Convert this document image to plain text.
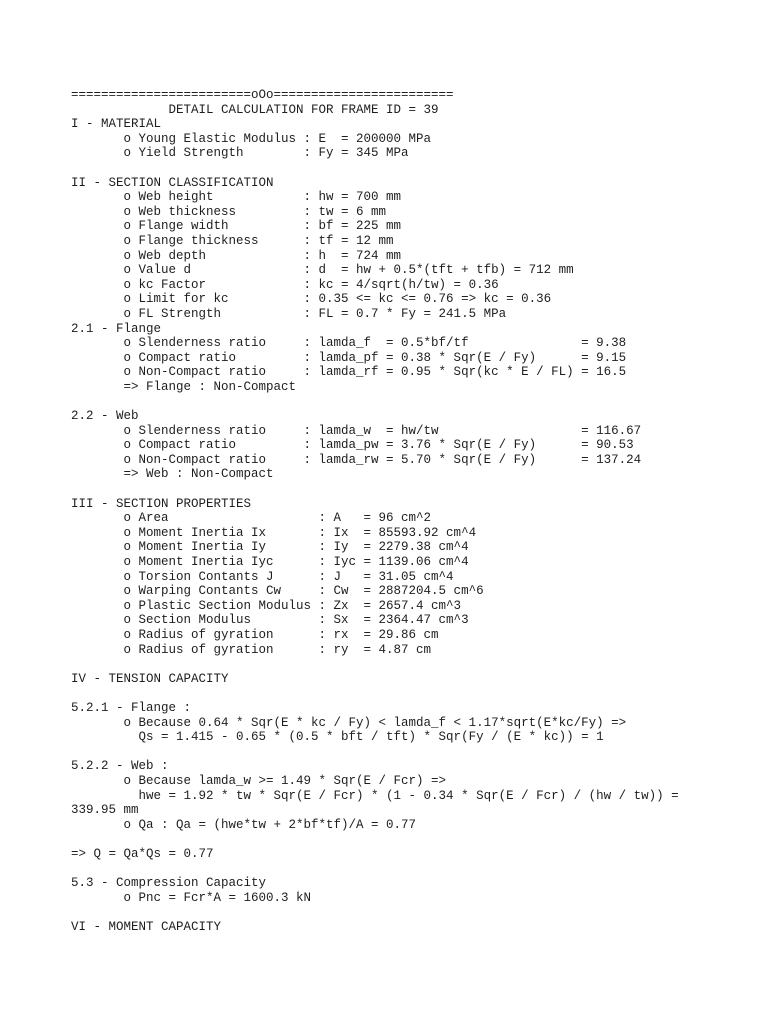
========================oOo========================
DETAIL CALCULATION FOR FRAME ID = 39
I - MATERIAL
o Young Elastic Modulus : E  = 200000 MPa
o Yield Strength        : Fy = 345 MPa
II - SECTION CLASSIFICATION
o Web height            : hw = 700 mm
o Web thickness         : tw = 6 mm
o Flange width          : bf = 225 mm
o Flange thickness      : tf = 12 mm
o Web depth             : h  = 724 mm
o Value d               : d  = hw + 0.5*(tft + tfb) = 712 mm
o kc Factor             : kc = 4/sqrt(h/tw) = 0.36
o Limit for kc          : 0.35 <= kc <= 0.76 => kc = 0.36
o FL Strength           : FL = 0.7 * Fy = 241.5 MPa
2.1 - Flange
o Slenderness ratio     : lamda_f  = 0.5*bf/tf               = 9.38
o Compact ratio         : lamda_pf = 0.38 * Sqr(E / Fy)      = 9.15
o Non-Compact ratio     : lamda_rf = 0.95 * Sqr(kc * E / FL) = 16.5
=> Flange : Non-Compact
2.2 - Web
o Slenderness ratio     : lamda_w  = hw/tw                   = 116.67
o Compact ratio         : lamda_pw = 3.76 * Sqr(E / Fy)      = 90.53
o Non-Compact ratio     : lamda_rw = 5.70 * Sqr(E / Fy)      = 137.24
=> Web : Non-Compact
III - SECTION PROPERTIES
o Area                    : A   = 96 cm^2
o Moment Inertia Ix       : Ix  = 85593.92 cm^4
o Moment Inertia Iy       : Iy  = 2279.38 cm^4
o Moment Inertia Iyc      : Iyc = 1139.06 cm^4
o Torsion Contants J      : J   = 31.05 cm^4
o Warping Contants Cw     : Cw  = 2887204.5 cm^6
o Plastic Section Modulus : Zx  = 2657.4 cm^3
o Section Modulus         : Sx  = 2364.47 cm^3
o Radius of gyration      : rx  = 29.86 cm
o Radius of gyration      : ry  = 4.87 cm
IV - TENSION CAPACITY
5.2.1 - Flange :
o Because 0.64 * Sqr(E * kc / Fy) < lamda_f < 1.17*sqrt(E*kc/Fy) =>
Qs = 1.415 - 0.65 * (0.5 * bft / tft) * Sqr(Fy / (E * kc)) = 1
5.2.2 - Web :
o Because lamda_w >= 1.49 * Sqr(E / Fcr) =>
hwe = 1.92 * tw * Sqr(E / Fcr) * (1 - 0.34 * Sqr(E / Fcr) / (hw / tw)) =
339.95 mm
o Qa : Qa = (hwe*tw + 2*bf*tf)/A = 0.77
=> Q = Qa*Qs = 0.77
5.3 - Compression Capacity
o Pnc = Fcr*A = 1600.3 kN
VI - MOMENT CAPACITY
